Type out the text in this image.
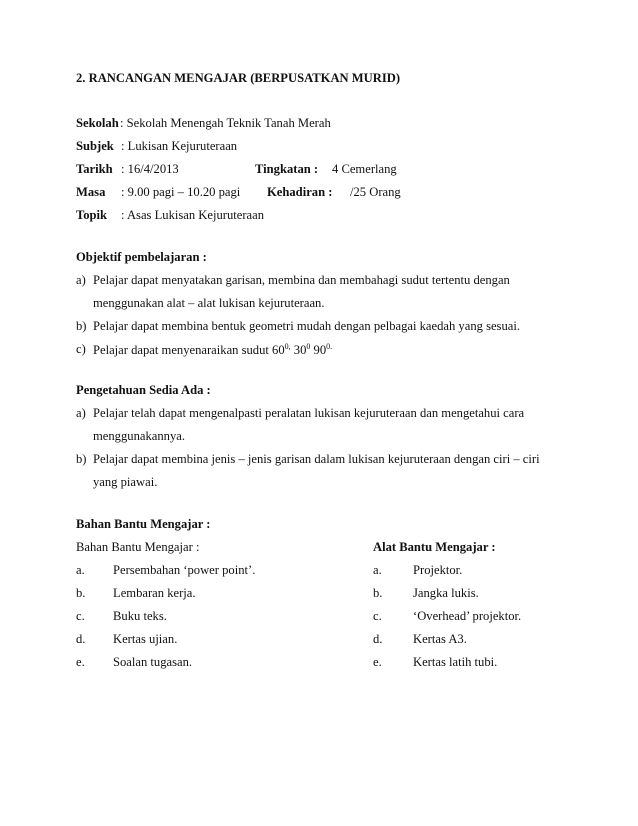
2. RANCANGAN MENGAJAR (BERPUSATKAN MURID)
Sekolah : Sekolah Menengah Teknik Tanah Merah
Subjek : Lukisan Kejuruteraan
Tarikh : 16/4/2013	Tingkatan : 4 Cemerlang
Masa : 9.00 pagi – 10.20 pagi Kehadiran : /25 Orang
Topik : Asas Lukisan Kejuruteraan
Objektif pembelajaran :
a) Pelajar dapat menyatakan garisan, membina dan membahagi sudut tertentu dengan
menggunakan alat – alat lukisan kejuruteraan.
b) Pelajar dapat membina bentuk geometri mudah dengan pelbagai kaedah yang sesuai.
c) Pelajar dapat menyenaraikan sudut $60^{0,}$ $30^0$ $90^{0.}$
Pengetahuan Sedia Ada :
a) Pelajar telah dapat mengenalpasti peralatan lukisan kejuruteraan dan mengetahui cara
menggunakannya.
b) Pelajar dapat membina jenis – jenis garisan dalam lukisan kejuruteraan dengan ciri – ciri
yang piawai.
Bahan Bantu Mengajar :
Bahan Bantu Mengajar :	Alat Bantu Mengajar :
a. Persembahan ‘power point’.
b. Lembaran kerja.
c. Buku teks.
d. Kertas ujian.
e. Soalan tugasan.
a. Projektor.
b. Jangka lukis.
c. ‘Overhead’ projektor.
d. Kertas A3.
e. Kertas latih tubi.
